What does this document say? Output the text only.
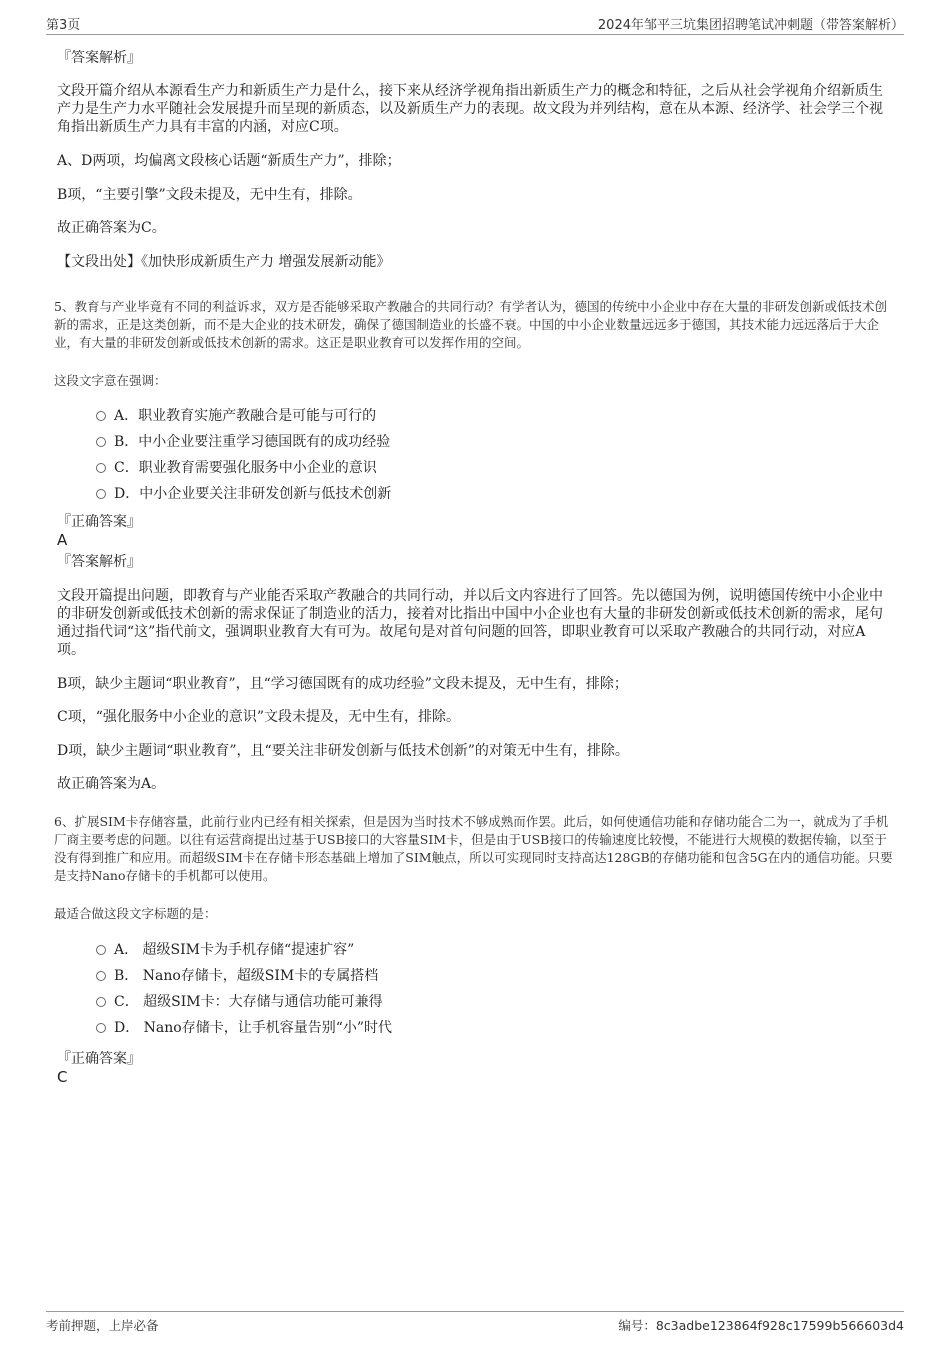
第3页	2024年邹平三坑集团招聘笔试冲刺题（带答案解析）
『答案解析』
文段开篇介绍从本源看生产力和新质生产力是什么，接下来从经济学视角指出新质生产力的概念和特征，之后从社会学视角介绍新质生产力是生产力水平随社会发展提升而呈现的新质态，以及新质生产力的表现。故文段为并列结构，意在从本源、经济学、社会学三个视角指出新质生产力具有丰富的内涵，对应C项。
A、D两项，均偏离文段核心话题“新质生产力”，排除；
B项，“主要引擎”文段未提及，无中生有，排除。
故正确答案为C。
【文段出处】《加快形成新质生产力 增强发展新动能》
5、教育与产业毕竟有不同的利益诉求，双方是否能够采取产教融合的共同行动？有学者认为，德国的传统中小企业中存在大量的非研发创新或低技术创新的需求，正是这类创新，而不是大企业的技术研发，确保了德国制造业的长盛不衰。中国的中小企业数量远远多于德国，其技术能力远远落后于大企业，有大量的非研发创新或低技术创新的需求。这正是职业教育可以发挥作用的空间。
这段文字意在强调：
A．职业教育实施产教融合是可能与可行的
B．中小企业要注重学习德国既有的成功经验
C．职业教育需要强化服务中小企业的意识
D．中小企业要关注非研发创新与低技术创新
『正确答案』
A
『答案解析』
文段开篇提出问题，即教育与产业能否采取产教融合的共同行动，并以后文内容进行了回答。先以德国为例，说明德国传统中小企业中的非研发创新或低技术创新的需求保证了制造业的活力，接着对比指出中国中小企业也有大量的非研发创新或低技术创新的需求，尾句通过指代词“这”指代前文，强调职业教育大有可为。故尾句是对首句问题的回答，即职业教育可以采取产教融合的共同行动，对应A项。
B项，缺少主题词“职业教育”，且“学习德国既有的成功经验”文段未提及，无中生有，排除；
C项，“强化服务中小企业的意识”文段未提及，无中生有，排除。
D项，缺少主题词“职业教育”，且“要关注非研发创新与低技术创新”的对策无中生有，排除。
故正确答案为A。
6、扩展SIM卡存储容量，此前行业内已经有相关探索，但是因为当时技术不够成熟而作罢。此后，如何使通信功能和存储功能合二为一，就成为了手机厂商主要考虑的问题。以往有运营商提出过基于USB接口的大容量SIM卡，但是由于USB接口的传输速度比较慢，不能进行大规模的数据传输，以至于没有得到推广和应用。而超级SIM卡在存储卡形态基础上增加了SIM触点，所以可实现同时支持高达128GB的存储功能和包含5G在内的通信功能。只要是支持Nano存储卡的手机都可以使用。
最适合做这段文字标题的是：
A． 超级SIM卡为手机存储“提速扩容”
B． Nano存储卡，超级SIM卡的专属搭档
C． 超级SIM卡：大存储与通信功能可兼得
D． Nano存储卡，让手机容量告别“小”时代
『正确答案』
C
考前押题，上岸必备	编号：8c3adbe123864f928c17599b566603d4
